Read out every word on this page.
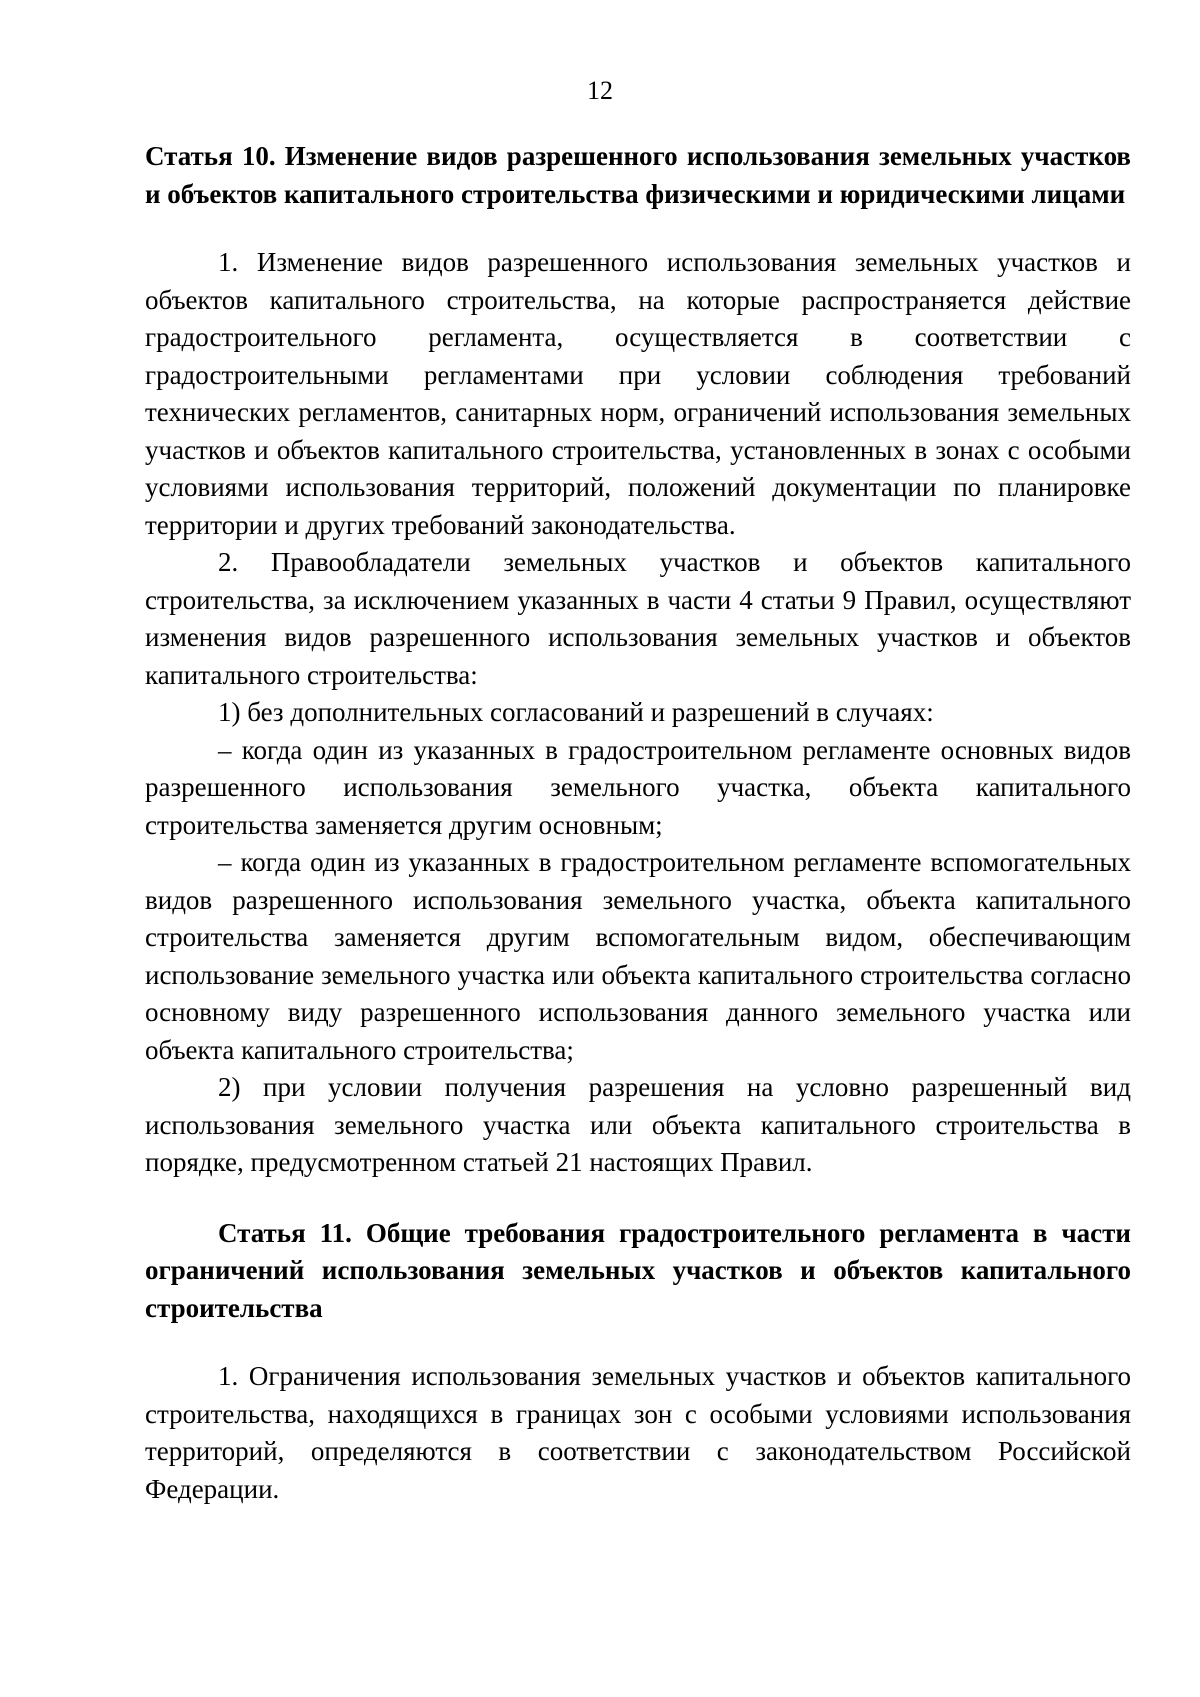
12

Статья 10. Изменение видов разрешенного использования земельных участков и объектов капитального строительства физическими и юридическими лицами

1. Изменение видов разрешенного использования земельных участков и объектов капитального строительства, на которые распространяется действие градостроительного регламента, осуществляется в соответствии с градостроительными регламентами при условии соблюдения требований технических регламентов, санитарных норм, ограничений использования земельных участков и объектов капитального строительства, установленных в зонах с особыми условиями использования территорий, положений документации по планировке территории и других требований законодательства.

2. Правообладатели земельных участков и объектов капитального строительства, за исключением указанных в части 4 статьи 9 Правил, осуществляют изменения видов разрешенного использования земельных участков и объектов капитального строительства:

1) без дополнительных согласований и разрешений в случаях:

– когда один из указанных в градостроительном регламенте основных видов разрешенного использования земельного участка, объекта капитального строительства заменяется другим основным;

– когда один из указанных в градостроительном регламенте вспомогательных видов разрешенного использования земельного участка, объекта капитального строительства заменяется другим вспомогательным видом, обеспечивающим использование земельного участка или объекта капитального строительства согласно основному виду разрешенного использования данного земельного участка или объекта капитального строительства;

2) при условии получения разрешения на условно разрешенный вид использования земельного участка или объекта капитального строительства в порядке, предусмотренном статьей 21 настоящих Правил.

Статья 11. Общие требования градостроительного регламента в части ограничений использования земельных участков и объектов капитального строительства

1. Ограничения использования земельных участков и объектов капитального строительства, находящихся в границах зон с особыми условиями использования территорий, определяются в соответствии с законодательством Российской Федерации.
